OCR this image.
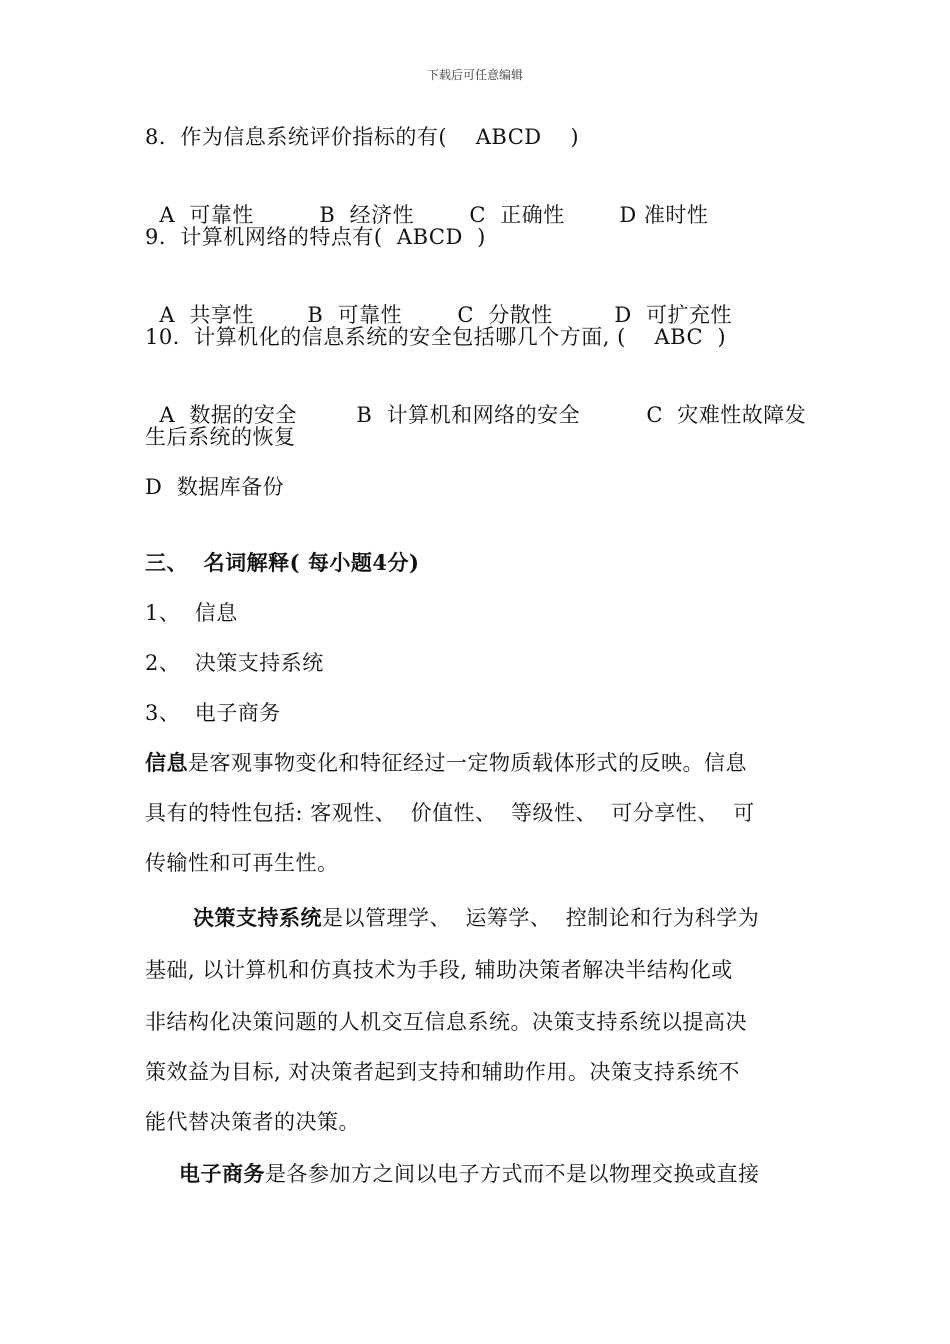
下载后可任意编辑
8．作为信息系统评价指标的有(    ABCD    )

A  可靠性	B  经济性	C  正确性	D 准时性

9．计算机网络的特点有(  ABCD  )

A  共享性	B  可靠性	C  分散性	D  可扩充性

10．计算机化的信息系统的安全包括哪几个方面, (    ABC  )

A  数据的安全	B  计算机和网络的安全	C  灾难性故障发

生后系统的恢复
D  数据库备份
三、  名词解释( 每小题4分)
1、  信息
2、  决策支持系统
3、  电子商务
信息是客观事物变化和特征经过一定物质载体形式的反映。信息
具有的特性包括: 客观性、  价值性、  等级性、  可分享性、  可
传输性和可再生性。
决策支持系统是以管理学、  运筹学、  控制论和行为科学为
基础, 以计算机和仿真技术为手段, 辅助决策者解决半结构化或
非结构化决策问题的人机交互信息系统。决策支持系统以提高决
策效益为目标, 对决策者起到支持和辅助作用。决策支持系统不
能代替决策者的决策。
电子商务是各参加方之间以电子方式而不是以物理交换或直接
